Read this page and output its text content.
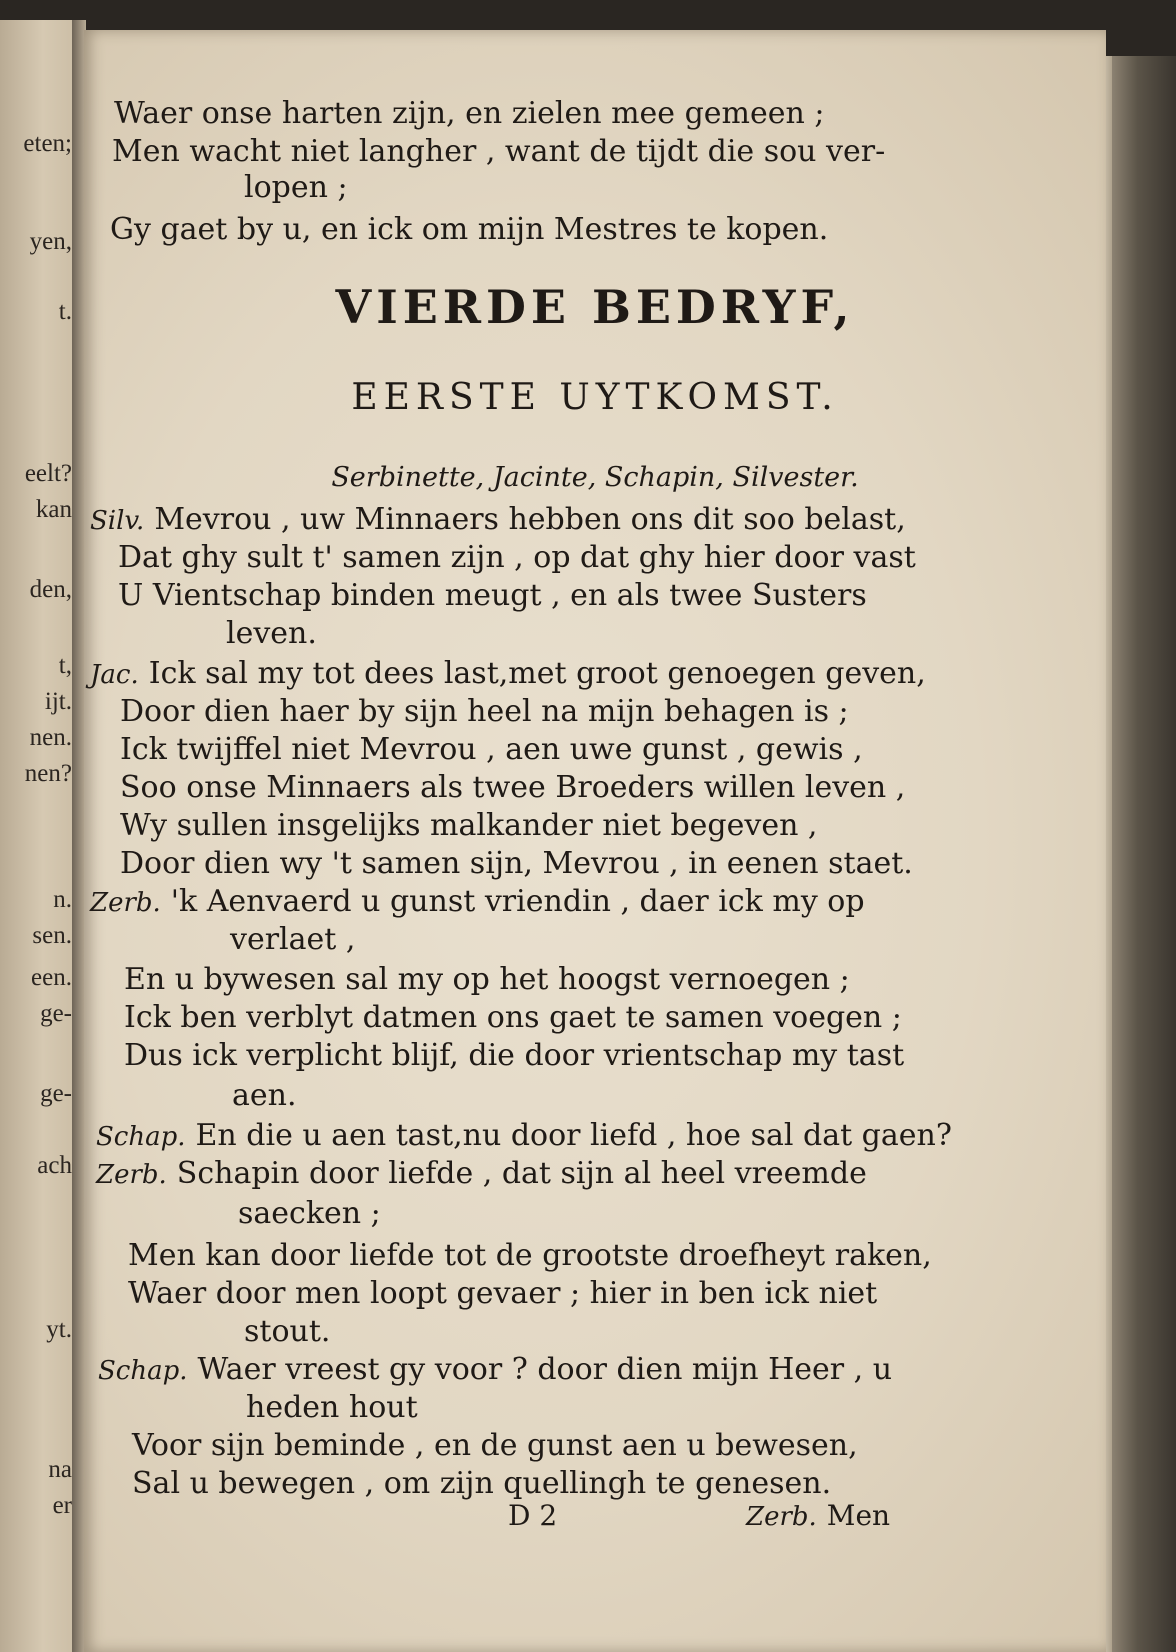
eten;
yen,
t.
eelt?
kan
den,
t,
ijt.
nen.
nen?
n.
sen.
een.
ge-
ge-
ach
yt.
na
er
Waer onse harten zijn, en zielen mee gemeen ;
Men wacht niet langher , want de tijdt die sou ver-
lopen ;
Gy gaet by u, en ick om mijn Mestres te kopen.
VIERDE BEDRYF,
EERSTE UYTKOMST.
Serbinette, Jacinte, Schapin, Silvester.
Silv. Mevrou , uw Minnaers hebben ons dit soo belast,
Dat ghy sult t' samen zijn , op dat ghy hier door vast
U Vientschap binden meugt , en als twee Susters
leven.
Jac. Ick sal my tot dees last,met groot genoegen geven,
Door dien haer by sijn heel na mijn behagen is ;
Ick twijffel niet Mevrou , aen uwe gunst , gewis ,
Soo onse Minnaers als twee Broeders willen leven ,
Wy sullen insgelijks malkander niet begeven ,
Door dien wy 't samen sijn, Mevrou , in eenen staet.
Zerb. 'k Aenvaerd u gunst vriendin , daer ick my op
verlaet ,
En u bywesen sal my op het hoogst vernoegen ;
Ick ben verblyt datmen ons gaet te samen voegen ;
Dus ick verplicht blijf, die door vrientschap my tast
aen.
Schap. En die u aen tast,nu door liefd , hoe sal dat gaen?
Zerb. Schapin door liefde , dat sijn al heel vreemde
saecken ;
Men kan door liefde tot de grootste droefheyt raken,
Waer door men loopt gevaer ; hier in ben ick niet
stout.
Schap. Waer vreest gy voor ? door dien mijn Heer , u
heden hout
Voor sijn beminde , en de gunst aen u bewesen,
Sal u bewegen , om zijn quellingh te genesen.
D 2	Zerb. Men
